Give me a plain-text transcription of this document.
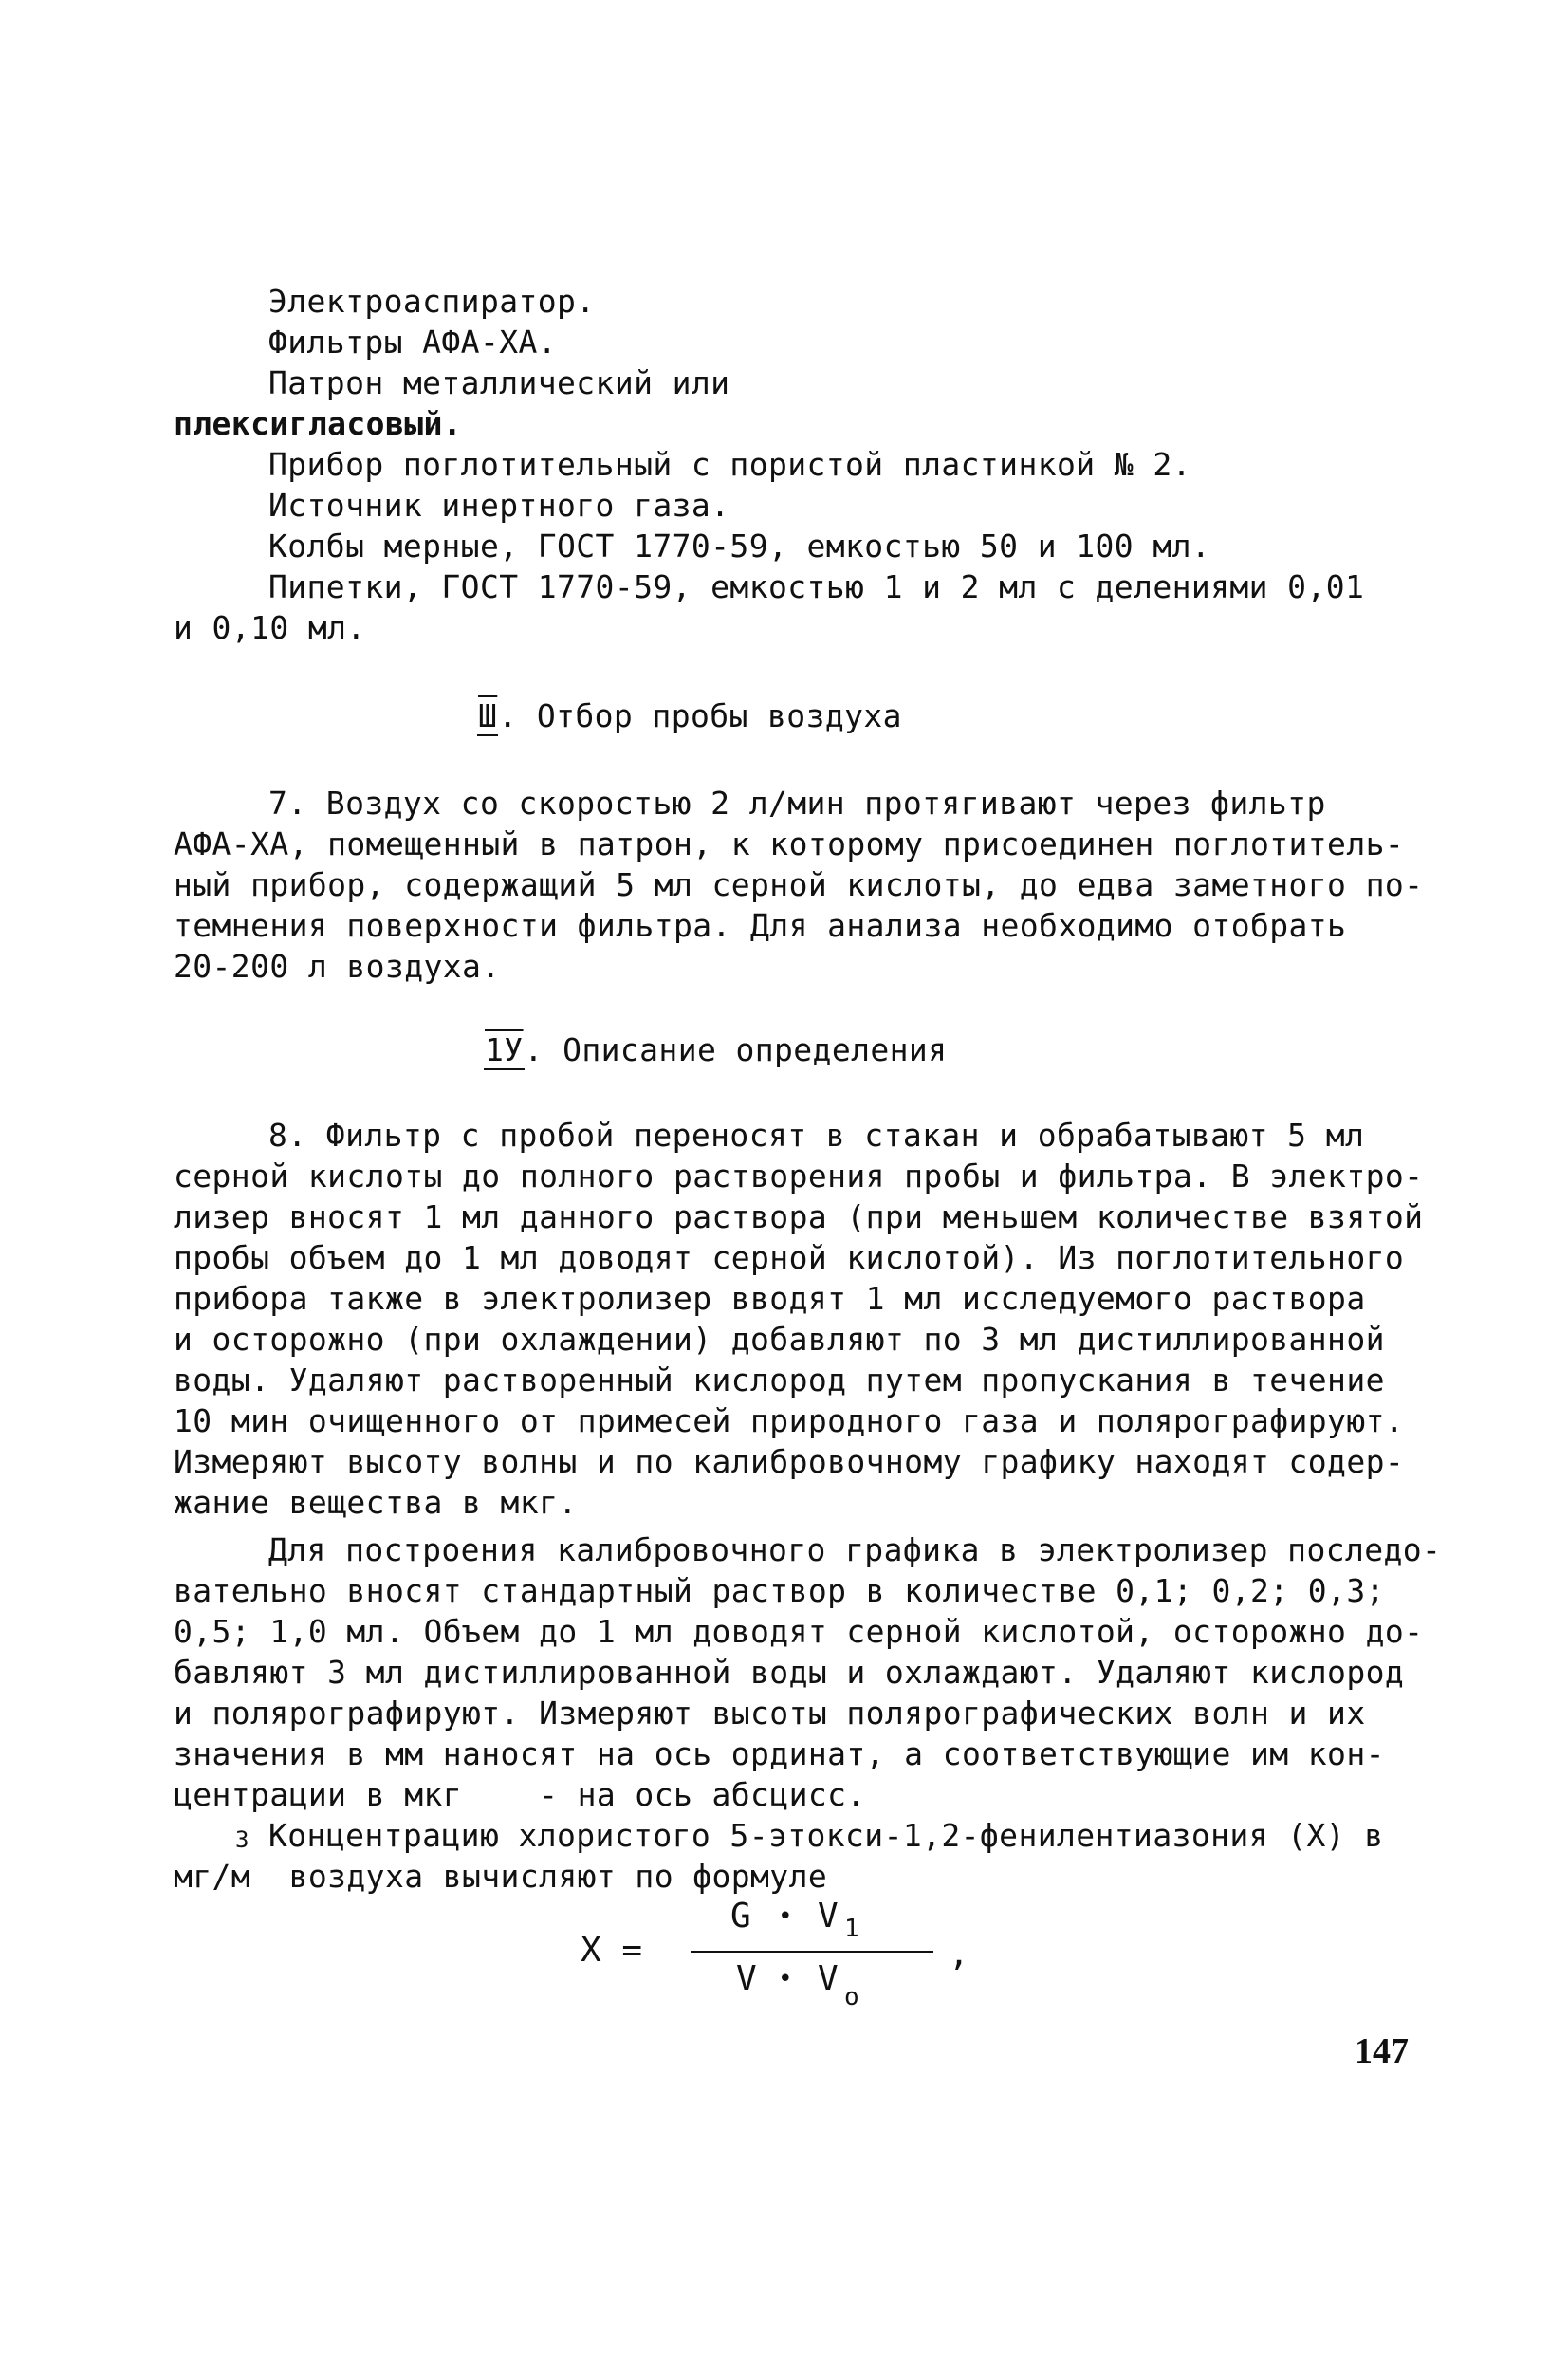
Электроаспиратор.
Фильтры АФА-ХА.
Патрон металлический или
плексигласовый.
Прибор поглотительный с пористой пластинкой № 2.
Источник инертного газа.
Колбы мерные, ГОСТ 1770-59, емкостью 50 и 100 мл.
Пипетки, ГОСТ 1770-59, емкостью 1 и 2 мл с делениями 0,01
и 0,10 мл.
Ш. Отбор пробы воздуха
7. Воздух со скоростью 2 л/мин протягивают через фильтр
АФА-ХА, помещенный в патрон, к которому присоединен поглотитель-
ный прибор, содержащий 5 мл серной кислоты, до едва заметного по-
темнения поверхности фильтра. Для анализа необходимо отобрать
20-200 л воздуха.
1У. Описание определения
8. Фильтр с пробой переносят в стакан и обрабатывают 5 мл
серной кислоты до полного растворения пробы и фильтра. В электро-
лизер вносят 1 мл данного раствора (при меньшем количестве взятой
пробы объем до 1 мл доводят серной кислотой). Из поглотительного
прибора также в электролизер вводят 1 мл исследуемого раствора
и осторожно (при охлаждении) добавляют по 3 мл дистиллированной
воды. Удаляют растворенный кислород путем пропускания в течение
10 мин очищенного от примесей природного газа и полярографируют.
Измеряют высоту волны и по калибровочному графику находят содер-
жание вещества в мкг.
Для построения калибровочного графика в электролизер последо-
вательно вносят стандартный раствор в количестве 0,1; 0,2; 0,3;
0,5; 1,0 мл. Объем до 1 мл доводят серной кислотой, осторожно до-
бавляют 3 мл дистиллированной воды и охлаждают. Удаляют кислород
и полярографируют. Измеряют высоты полярографических волн и их
значения в мм наносят на ось ординат, а соответствующие им кон-
центрации в мкг    - на ось абсцисс.
Концентрацию хлористого 5-этокси-1,2-фенилентиазония (Х) в
3
мг/м  воздуха вычисляют по формуле
X =
G • V 1
V • V o
,
147
